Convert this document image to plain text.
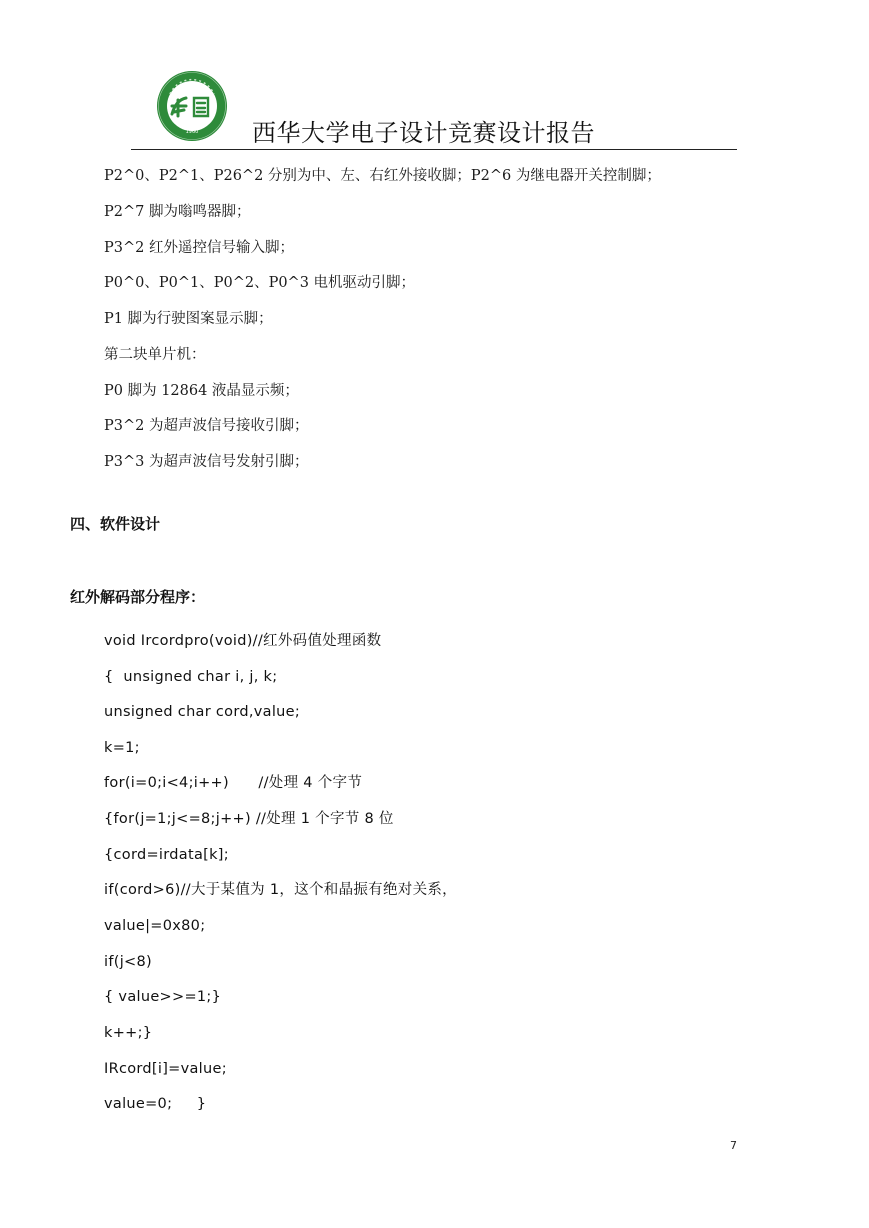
1960 西华大学电子设计竞赛设计报告
P2^0、P2^1、P26^2 分别为中、左、右红外接收脚；P2^6 为继电器开关控制脚；
P2^7 脚为嗡鸣器脚；
P3^2 红外遥控信号输入脚；
P0^0、P0^1、P0^2、P0^3 电机驱动引脚；
P1 脚为行驶图案显示脚；
第二块单片机：
P0 脚为 12864 液晶显示频；
P3^2 为超声波信号接收引脚；
P3^3 为超声波信号发射引脚；
四、软件设计
红外解码部分程序：
void Ircordpro(void)//红外码值处理函数
{  unsigned char i, j, k;
unsigned char cord,value;
k=1;
for(i=0;i<4;i++)      //处理 4 个字节
{for(j=1;j<=8;j++) //处理 1 个字节 8 位
{cord=irdata[k];
if(cord>6)//大于某值为 1，这个和晶振有绝对关系，
value|=0x80;
if(j<8)
{ value>>=1;}
k++;}
IRcord[i]=value;
value=0;     }
7
